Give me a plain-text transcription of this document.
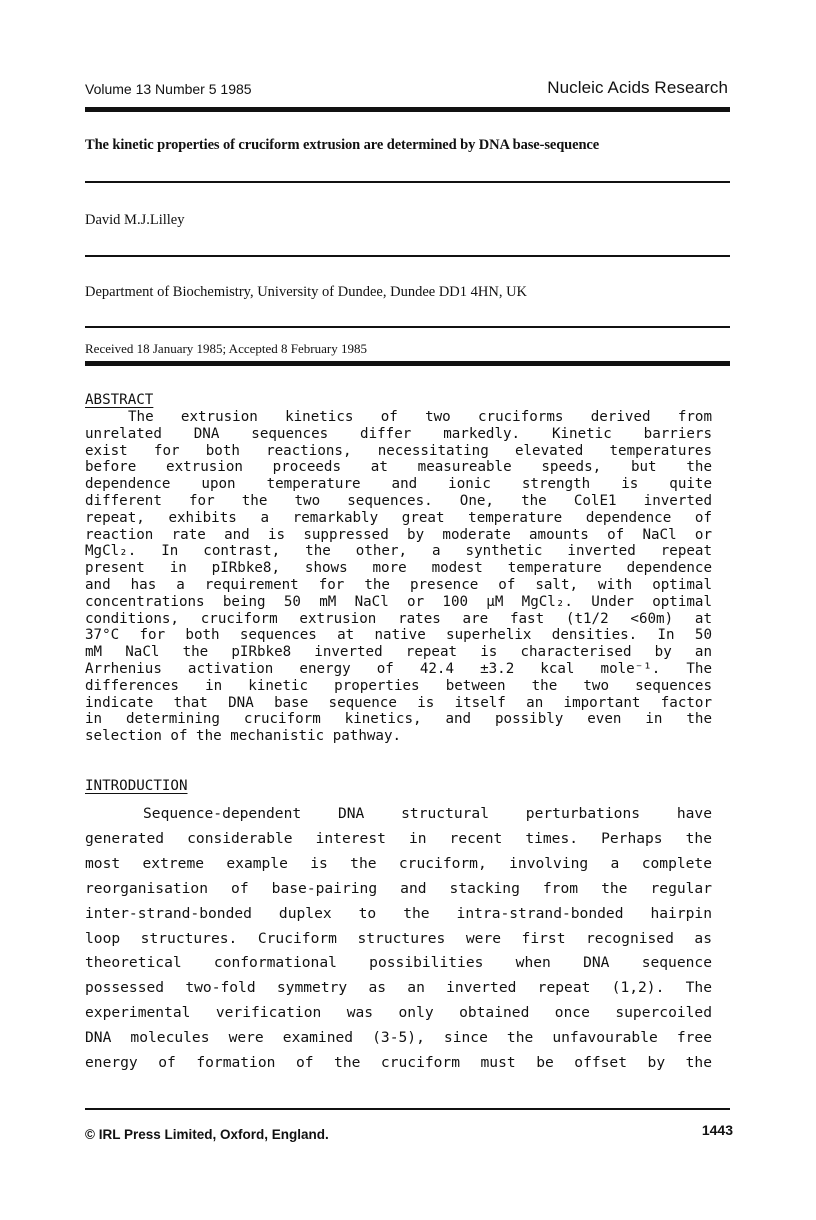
Volume 13 Number 5 1985	Nucleic Acids Research
The kinetic properties of cruciform extrusion are determined by DNA base-sequence
David M.J.Lilley
Department of Biochemistry, University of Dundee, Dundee DD1 4HN, UK
Received 18 January 1985; Accepted 8 February 1985
ABSTRACT
The extrusion kinetics of two cruciforms derived from
unrelated DNA sequences differ markedly. Kinetic barriers
exist for both reactions, necessitating elevated temperatures
before extrusion proceeds at measureable speeds, but the
dependence upon temperature and ionic strength is quite
different for the two sequences. One, the ColE1 inverted
repeat, exhibits a remarkably great temperature dependence of
reaction rate and is suppressed by moderate amounts of NaCl or
MgCl₂. In contrast, the other, a synthetic inverted repeat
present in pIRbke8, shows more modest temperature dependence
and has a requirement for the presence of salt, with optimal
concentrations being 50 mM NaCl or 100 µM MgCl₂. Under optimal
conditions, cruciform extrusion rates are fast (t1/2 <60m) at
37°C for both sequences at native superhelix densities. In 50
mM NaCl the pIRbke8 inverted repeat is characterised by an
Arrhenius activation energy of 42.4 ±3.2 kcal mole⁻¹. The
differences in kinetic properties between the two sequences
indicate that DNA base sequence is itself an important factor
in determining cruciform kinetics, and possibly even in the
selection of the mechanistic pathway.
INTRODUCTION
Sequence-dependent DNA structural perturbations have
generated considerable interest in recent times. Perhaps the
most extreme example is the cruciform, involving a complete
reorganisation of base-pairing and stacking from the regular
inter-strand-bonded duplex to the intra-strand-bonded hairpin
loop structures. Cruciform structures were first recognised as
theoretical conformational possibilities when DNA sequence
possessed two-fold symmetry as an inverted repeat (1,2). The
experimental verification was only obtained once supercoiled
DNA molecules were examined (3-5), since the unfavourable free
energy of formation of the cruciform must be offset by the
© IRL Press Limited, Oxford, England.	1443
